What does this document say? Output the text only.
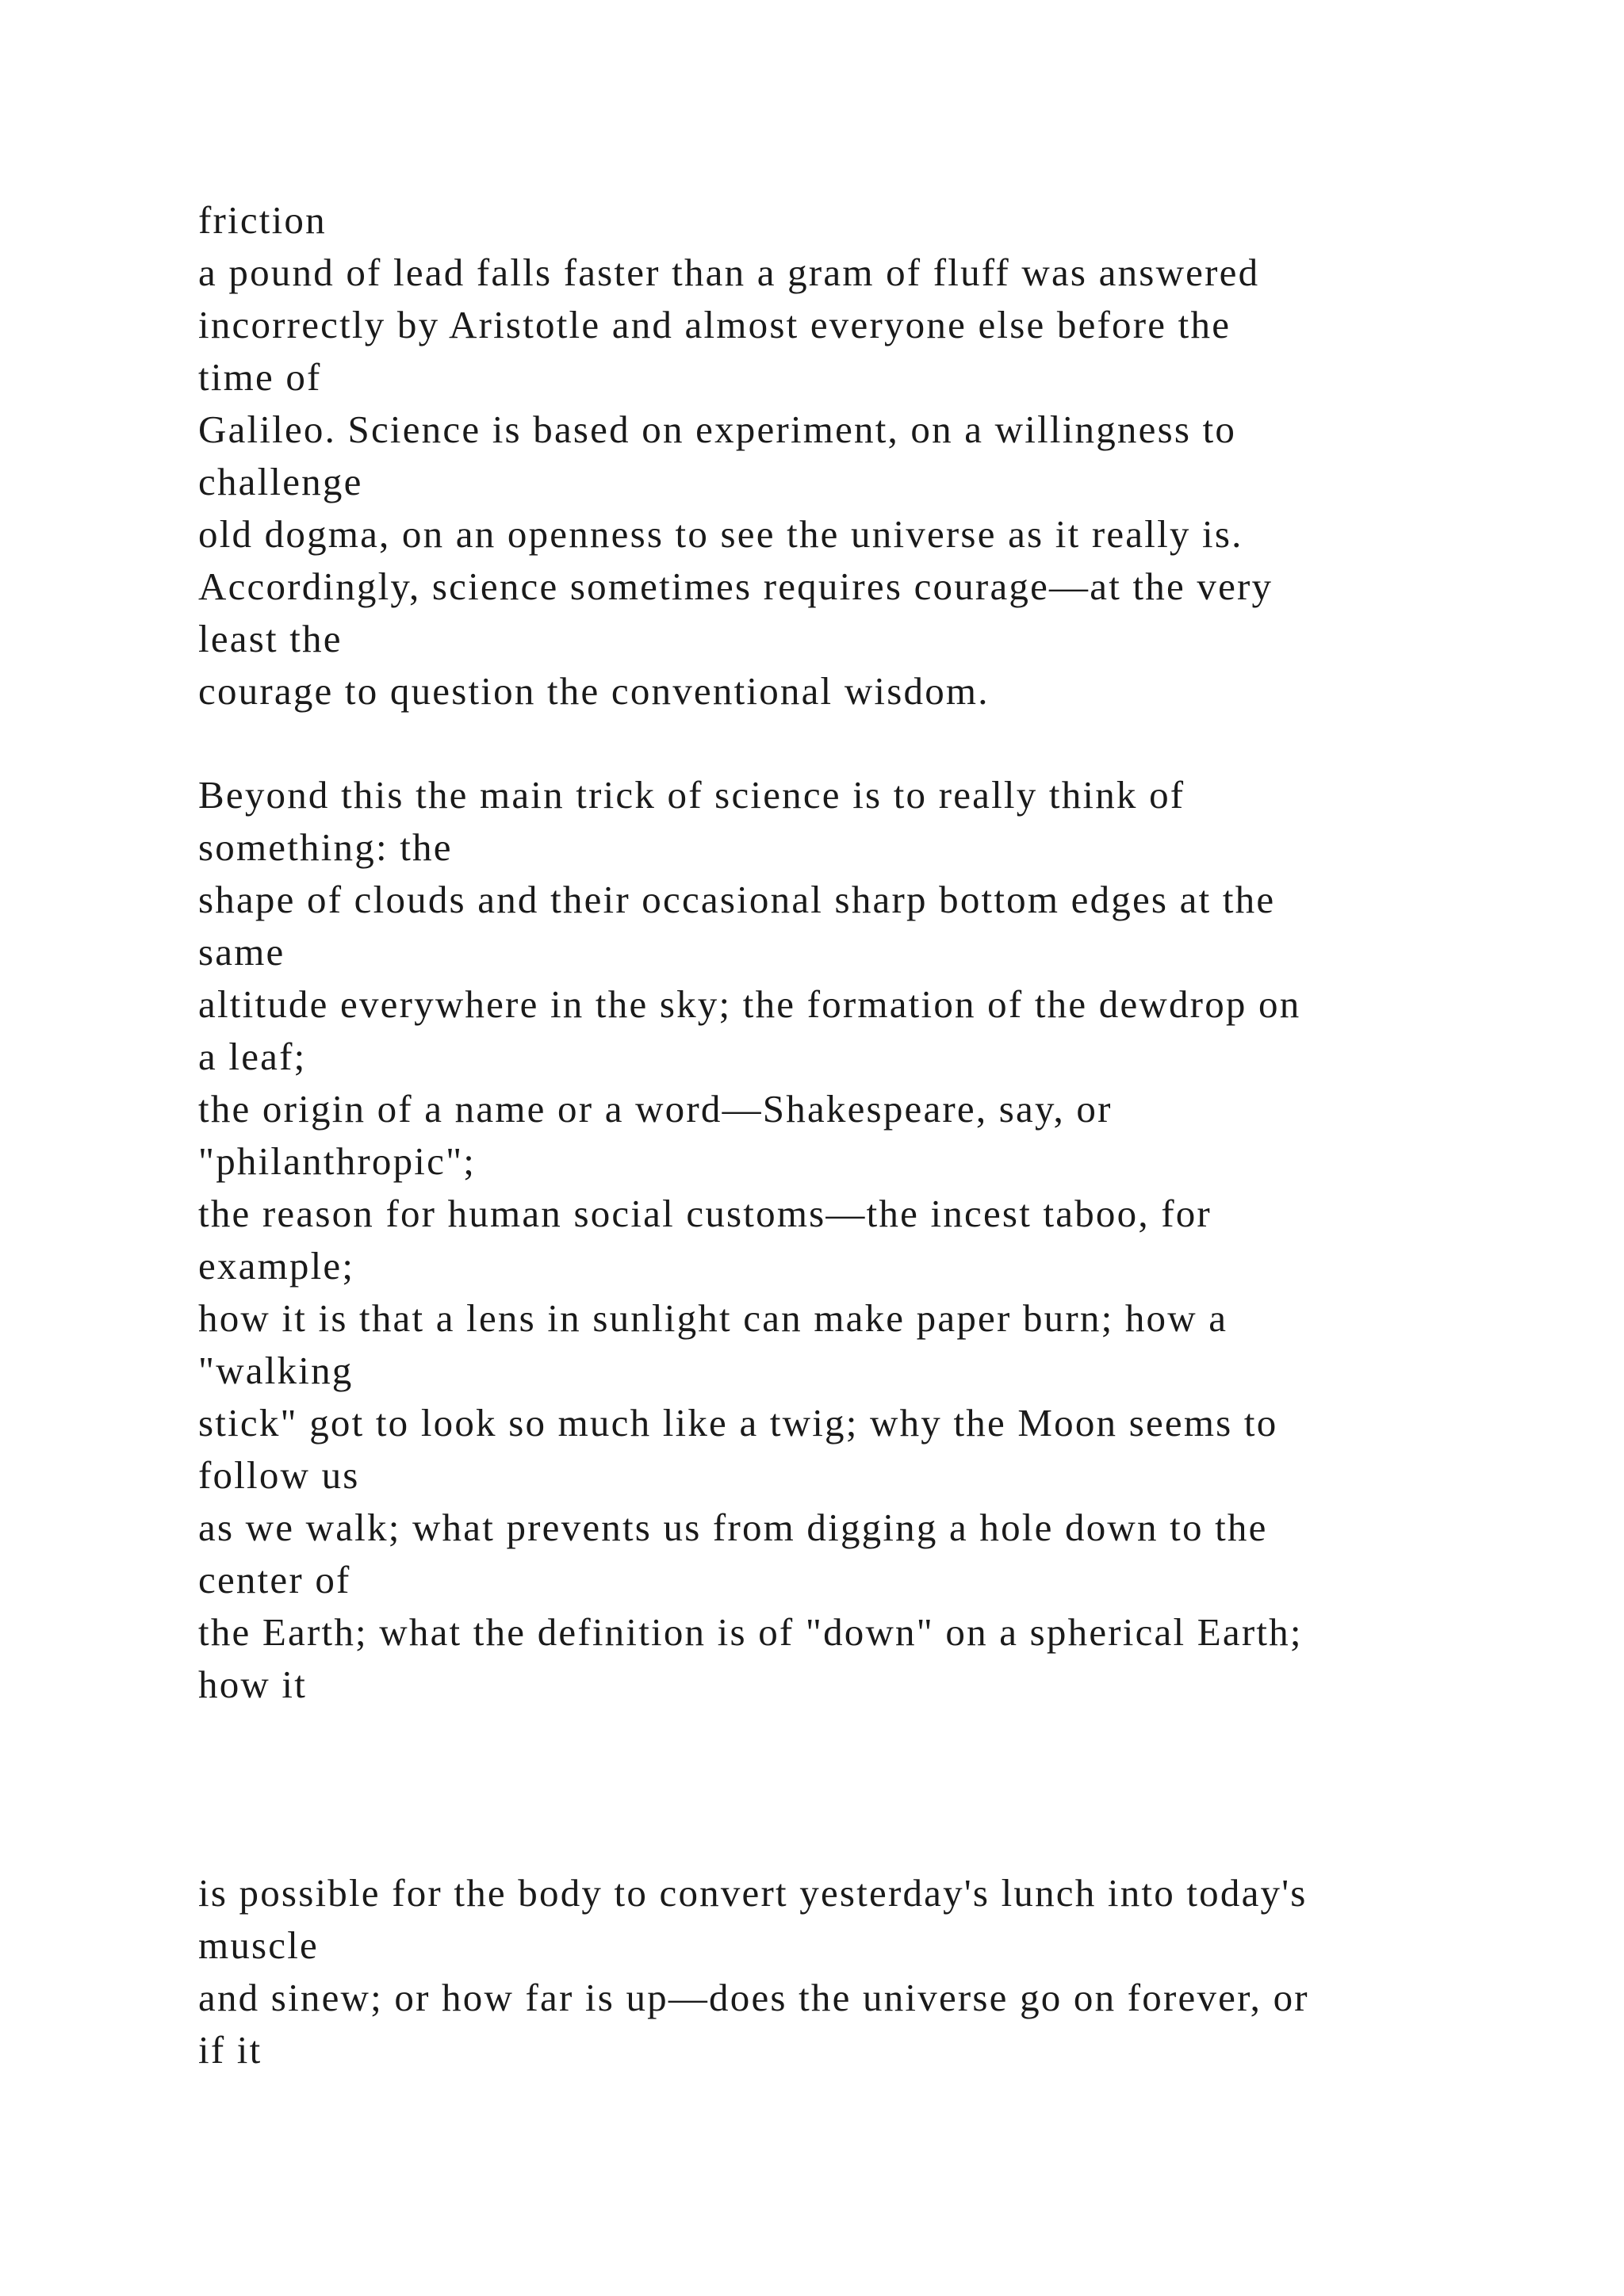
friction
a pound of lead falls faster than a gram of fluff was answered
incorrectly by Aristotle and almost everyone else before the
time of
Galileo. Science is based on experiment, on a willingness to
challenge
old dogma, on an openness to see the universe as it really is.
Accordingly, science sometimes requires courage—at the very
least the
courage to question the conventional wisdom.

Beyond this the main trick of science is to really think of
something: the
shape of clouds and their occasional sharp bottom edges at the
same
altitude everywhere in the sky; the formation of the dewdrop on
a leaf;
the origin of a name or a word—Shakespeare, say, or
"philanthropic";
the reason for human social customs—the incest taboo, for
example;
how it is that a lens in sunlight can make paper burn; how a
"walking
stick" got to look so much like a twig; why the Moon seems to
follow us
as we walk; what prevents us from digging a hole down to the
center of
the Earth; what the definition is of "down" on a spherical Earth;
how it

is possible for the body to convert yesterday's lunch into today's
muscle
and sinew; or how far is up—does the universe go on forever, or
if it
